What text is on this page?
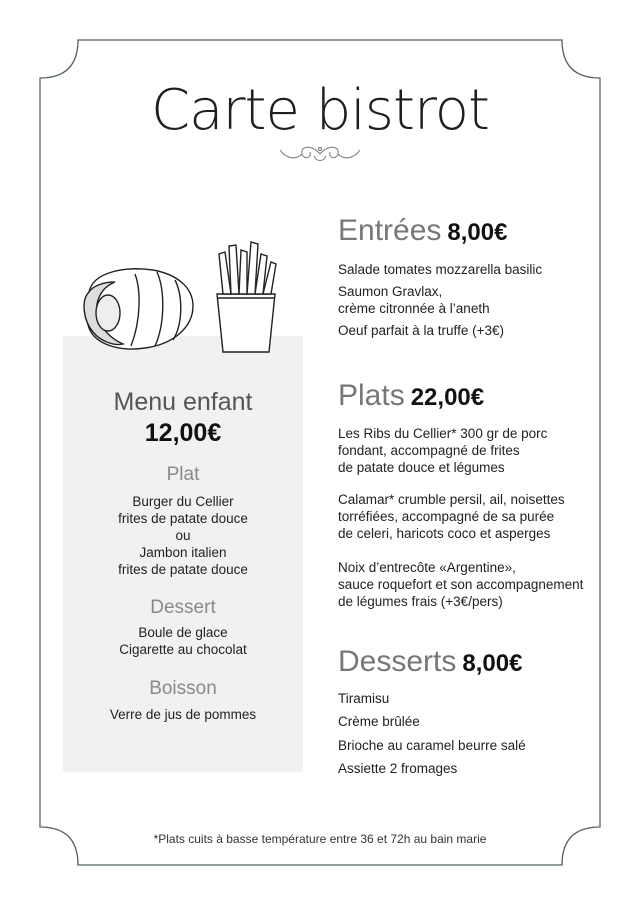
Carte bistrot
Menu enfant
12,00€
Plat
Burger du Cellier
frites de patate douce
ou
Jambon italien
frites de patate douce
Dessert
Boule de glace
Cigarette au chocolat
Boisson
Verre de jus de pommes
Entrées 8,00€
Salade tomates mozzarella basilic
Saumon Gravlax,
crème citronnée à l’aneth
Oeuf parfait à la truffe (+3€)
Plats 22,00€
Les Ribs du Cellier* 300 gr de porc
fondant, accompagné de frites
de patate douce et légumes
Calamar* crumble persil, ail, noisettes
torréfiées, accompagné de sa purée
de celeri, haricots coco et asperges
Noix d’entrecôte «Argentine»,
sauce roquefort et son accompagnement
de légumes frais (+3€/pers)
Desserts 8,00€
Tiramisu
Crème brûlée
Brioche au caramel beurre salé
Assiette 2 fromages
*Plats cuits à basse température entre 36 et 72h au bain marie
